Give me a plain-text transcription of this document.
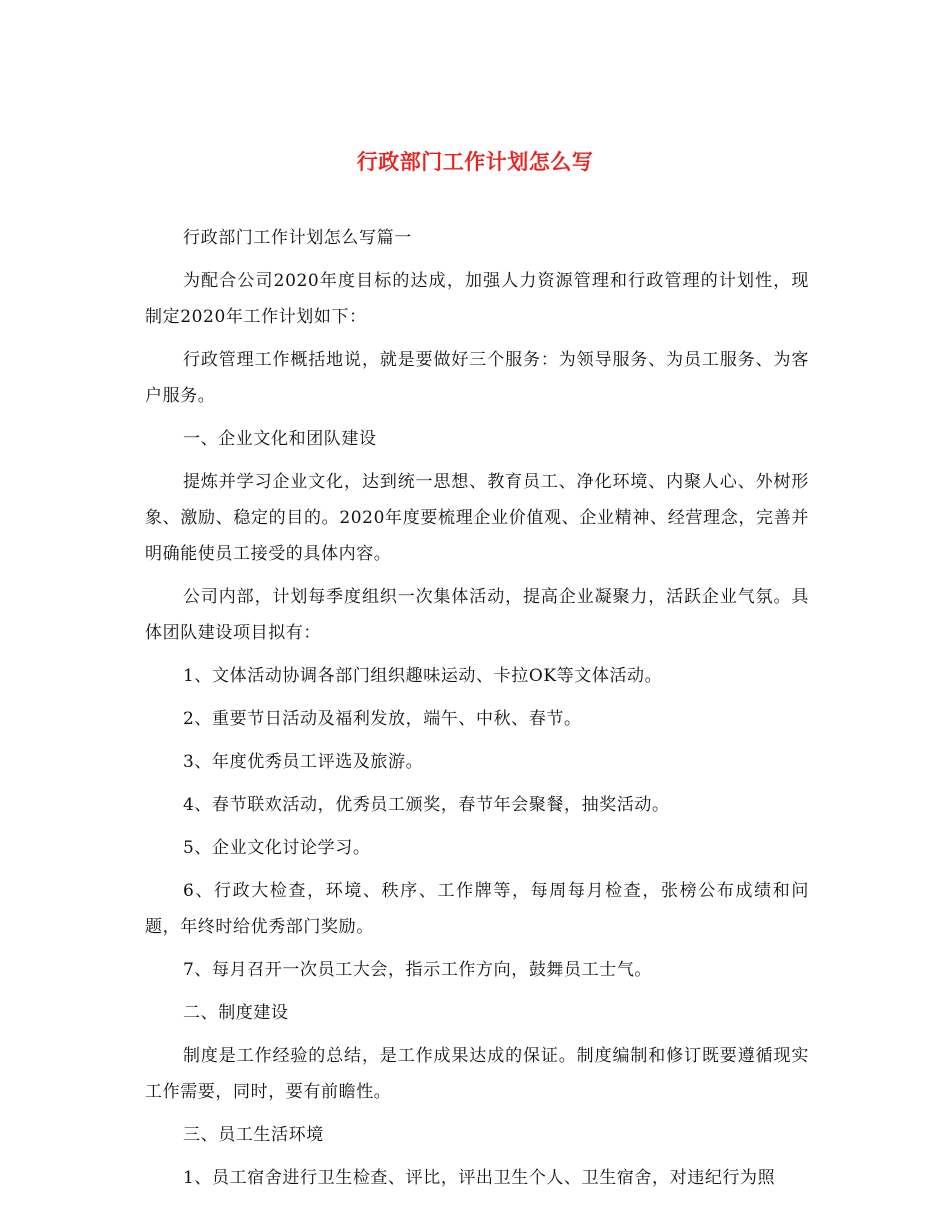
行政部门工作计划怎么写

行政部门工作计划怎么写篇一

为配合公司2020年度目标的达成，加强人力资源管理和行政管理的计划性，现制定2020年工作计划如下：

行政管理工作概括地说，就是要做好三个服务：为领导服务、为员工服务、为客户服务。

一、企业文化和团队建设

提炼并学习企业文化，达到统一思想、教育员工、净化环境、内聚人心、外树形象、激励、稳定的目的。2020年度要梳理企业价值观、企业精神、经营理念，完善并明确能使员工接受的具体内容。

公司内部，计划每季度组织一次集体活动，提高企业凝聚力，活跃企业气氛。具体团队建设项目拟有：

1、文体活动协调各部门组织趣味运动、卡拉OK等文体活动。

2、重要节日活动及福利发放，端午、中秋、春节。

3、年度优秀员工评选及旅游。

4、春节联欢活动，优秀员工颁奖，春节年会聚餐，抽奖活动。

5、企业文化讨论学习。

6、行政大检查，环境、秩序、工作牌等，每周每月检查，张榜公布成绩和问题，年终时给优秀部门奖励。

7、每月召开一次员工大会，指示工作方向，鼓舞员工士气。

二、制度建设

制度是工作经验的总结，是工作成果达成的保证。制度编制和修订既要遵循现实工作需要，同时，要有前瞻性。

三、员工生活环境

1、员工宿舍进行卫生检查、评比，评出卫生个人、卫生宿舍，对违纪行为照
